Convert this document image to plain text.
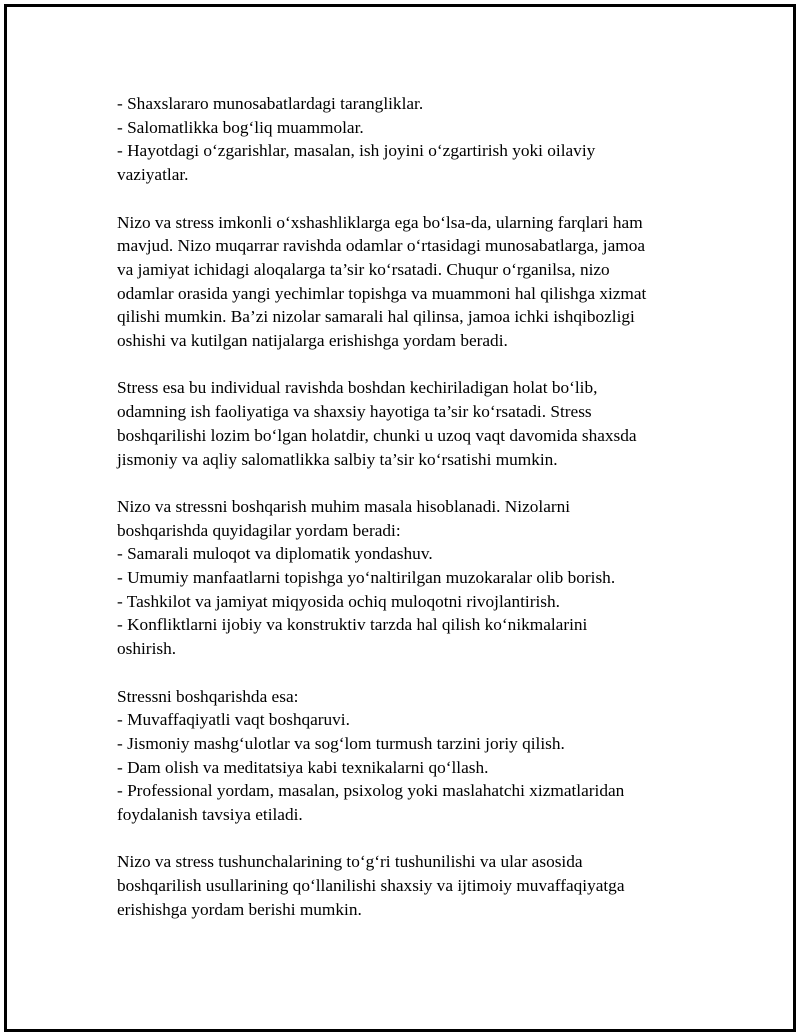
- Shaxslararo munosabatlardagi tarangliklar.
- Salomatlikka bog‘liq muammolar.
- Hayotdagi o‘zgarishlar, masalan, ish joyini o‘zgartirish yoki oilaviy
vaziyatlar.
Nizo va stress imkonli o‘xshashliklarga ega bo‘lsa-da, ularning farqlari ham
mavjud. Nizo muqarrar ravishda odamlar o‘rtasidagi munosabatlarga, jamoa
va jamiyat ichidagi aloqalarga ta’sir ko‘rsatadi. Chuqur o‘rganilsa, nizo
odamlar orasida yangi yechimlar topishga va muammoni hal qilishga xizmat
qilishi mumkin. Ba’zi nizolar samarali hal qilinsa, jamoa ichki ishqibozligi
oshishi va kutilgan natijalarga erishishga yordam beradi.
Stress esa bu individual ravishda boshdan kechiriladigan holat bo‘lib,
odamning ish faoliyatiga va shaxsiy hayotiga ta’sir ko‘rsatadi. Stress
boshqarilishi lozim bo‘lgan holatdir, chunki u uzoq vaqt davomida shaxsda
jismoniy va aqliy salomatlikka salbiy ta’sir ko‘rsatishi mumkin.
Nizo va stressni boshqarish muhim masala hisoblanadi. Nizolarni
boshqarishda quyidagilar yordam beradi:
- Samarali muloqot va diplomatik yondashuv.
- Umumiy manfaatlarni topishga yo‘naltirilgan muzokaralar olib borish.
- Tashkilot va jamiyat miqyosida ochiq muloqotni rivojlantirish.
- Konfliktlarni ijobiy va konstruktiv tarzda hal qilish ko‘nikmalarini
oshirish.
Stressni boshqarishda esa:
- Muvaffaqiyatli vaqt boshqaruvi.
- Jismoniy mashg‘ulotlar va sog‘lom turmush tarzini joriy qilish.
- Dam olish va meditatsiya kabi texnikalarni qo‘llash.
- Professional yordam, masalan, psixolog yoki maslahatchi xizmatlaridan
foydalanish tavsiya etiladi.
Nizo va stress tushunchalarining to‘g‘ri tushunilishi va ular asosida
boshqarilish usullarining qo‘llanilishi shaxsiy va ijtimoiy muvaffaqiyatga
erishishga yordam berishi mumkin.
